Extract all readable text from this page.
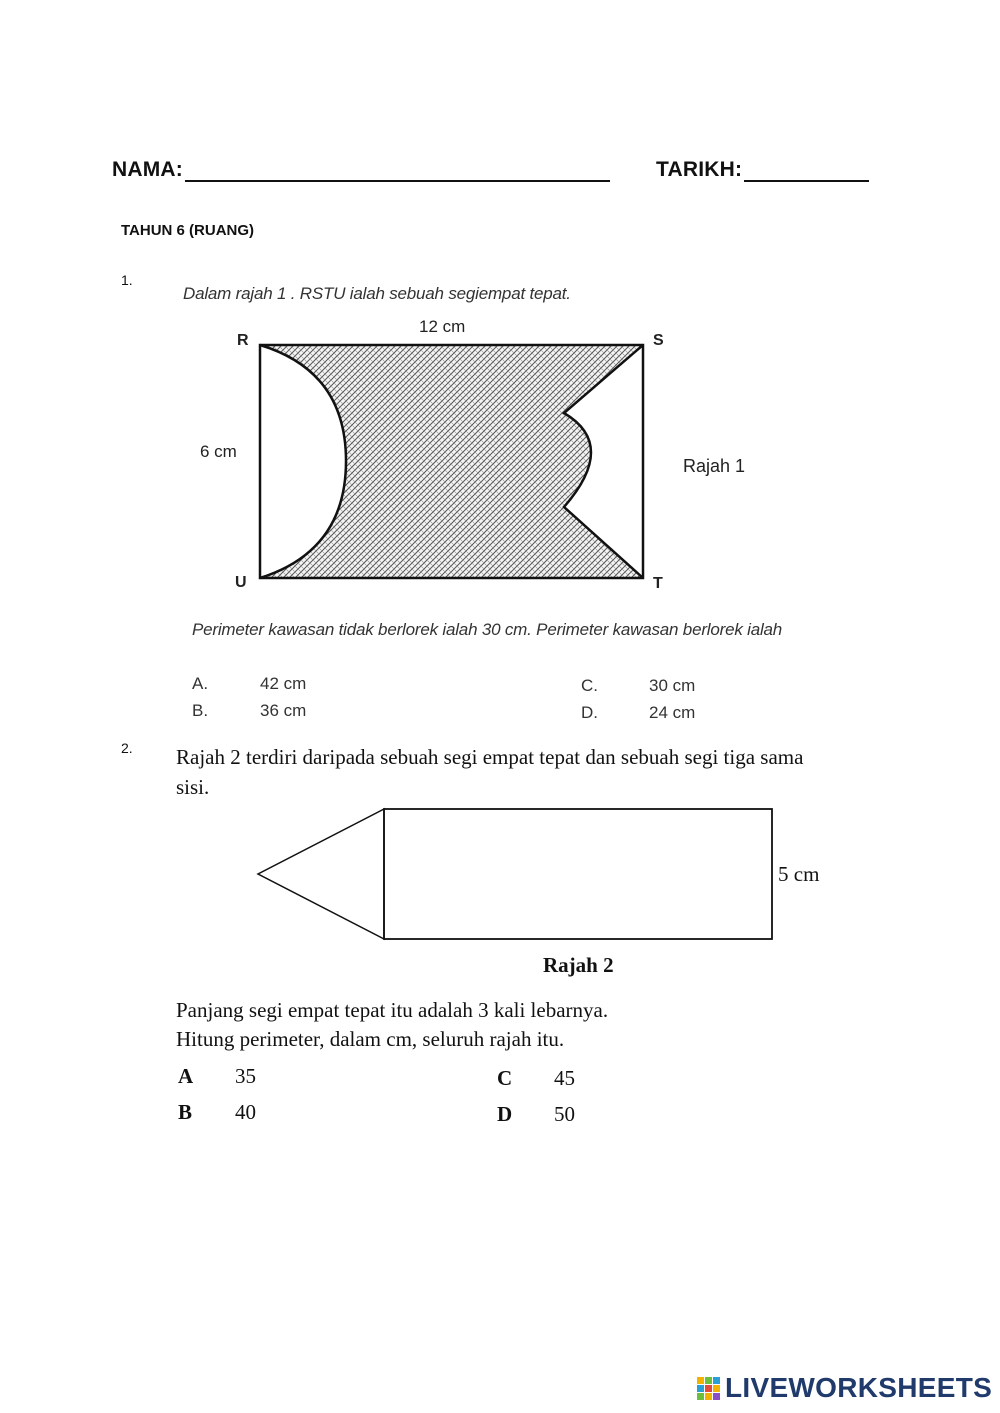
NAMA:	TARIKH:
TAHUN 6 (RUANG)
1.
Dalam rajah 1 . RSTU ialah sebuah segiempat tepat.
R	S
T
U
12 cm
6 cm
Rajah 1
Perimeter kawasan tidak berlorek ialah 30 cm. Perimeter kawasan berlorek ialah
A.	42 cm
B.	36 cm
C.	30 cm
D.	24 cm
2. Rajah 2 terdiri daripada sebuah segi empat tepat dan sebuah segi tiga sama
sisi.
5 cm
Rajah 2
Panjang segi empat tepat itu adalah 3 kali lebarnya.
Hitung perimeter, dalam cm, seluruh rajah itu.
A 35
B 40
C 45
D 50
LIVEWORKSHEETS
